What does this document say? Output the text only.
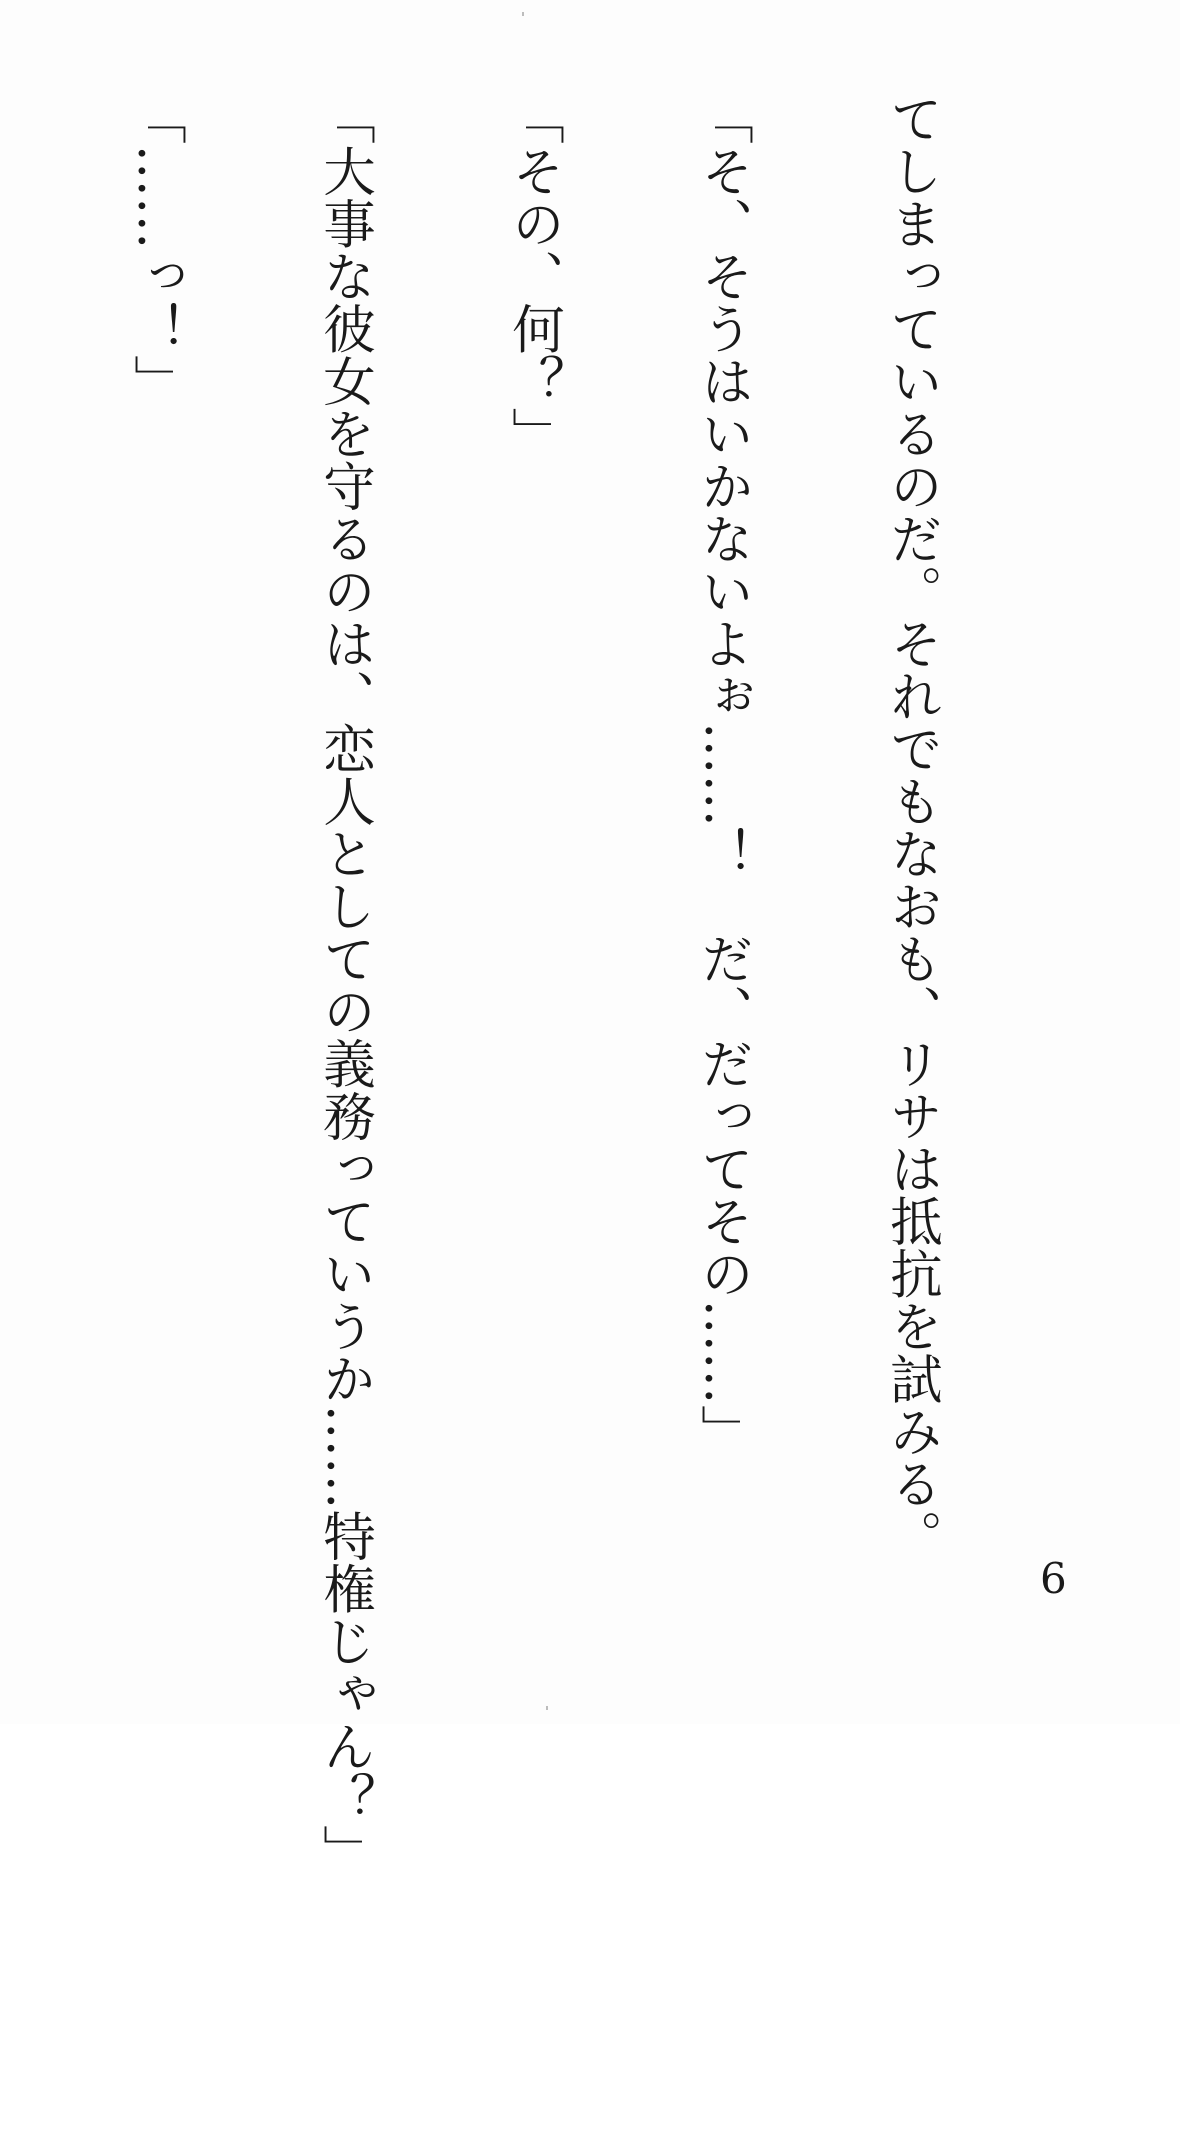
てしまっているのだ。それでもなおも、リサは抵抗を試みる。

「そ、そうはいかないよぉ……！　だ、だってその……」

「その、何？」

「大事な彼女を守るのは、恋人としての義務っていうか……特権じゃん？」

「……っ！」

6
